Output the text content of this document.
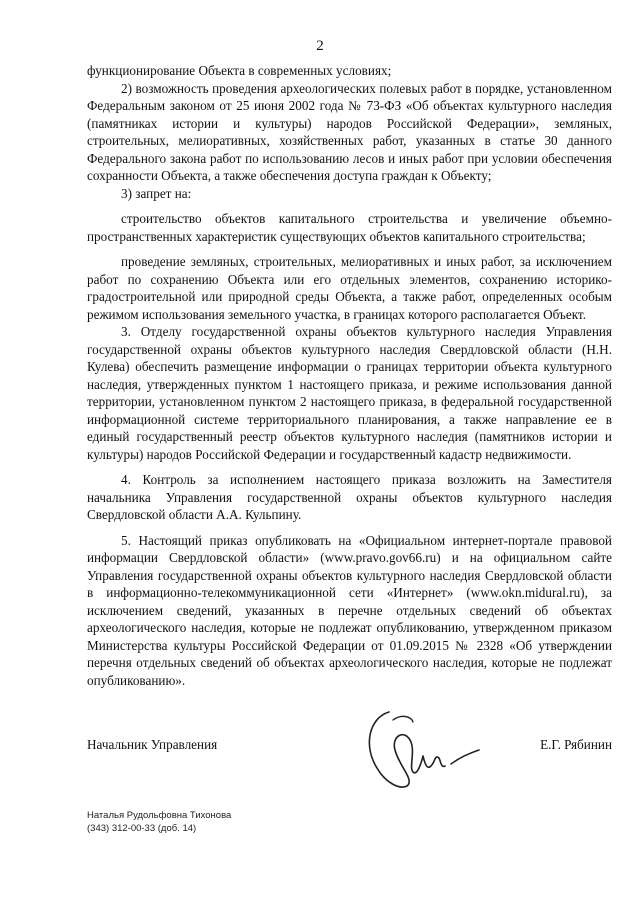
2

функционирование Объекта в современных условиях;

2) возможность проведения археологических полевых работ в порядке, установленном Федеральным законом от 25 июня 2002 года № 73-ФЗ «Об объектах культурного наследия (памятниках истории и культуры) народов Российской Федерации», земляных, строительных, мелиоративных, хозяйственных работ, указанных в статье 30 данного Федерального закона работ по использованию лесов и иных работ при условии обеспечения сохранности Объекта, а также обеспечения доступа граждан к Объекту;

3) запрет на:

строительство объектов капитального строительства и увеличение объемно-пространственных характеристик существующих объектов капитального строительства;

проведение земляных, строительных, мелиоративных и иных работ, за исключением работ по сохранению Объекта или его отдельных элементов, сохранению историко-градостроительной или природной среды Объекта, а также работ, определенных особым режимом использования земельного участка, в границах которого располагается Объект.

3. Отделу государственной охраны объектов культурного наследия Управления государственной охраны объектов культурного наследия Свердловской области (Н.Н. Кулева) обеспечить размещение информации о границах территории объекта культурного наследия, утвержденных пунктом 1 настоящего приказа, и режиме использования данной территории, установленном пунктом 2 настоящего приказа, в федеральной государственной информационной системе территориального планирования, а также направление ее в единый государственный реестр объектов культурного наследия (памятников истории и культуры) народов Российской Федерации и государственный кадастр недвижимости.

4. Контроль за исполнением настоящего приказа возложить на Заместителя начальника Управления государственной охраны объектов культурного наследия Свердловской области А.А. Кульпину.

5. Настоящий приказ опубликовать на «Официальном интернет-портале правовой информации Свердловской области» (www.pravo.gov66.ru) и на официальном сайте Управления государственной охраны объектов культурного наследия Свердловской области в информационно-телекоммуникационной сети «Интернет» (www.okn.midural.ru), за исключением сведений, указанных в перечне отдельных сведений об объектах археологического наследия, которые не подлежат опубликованию, утвержденном приказом Министерства культуры Российской Федерации от 01.09.2015 № 2328 «Об утверждении перечня отдельных сведений об объектах археологического наследия, которые не подлежат опубликованию».

Начальник Управления	Е.Г. Рябинин
Наталья Рудольфовна Тихонова
(343) 312-00-33 (доб. 14)
